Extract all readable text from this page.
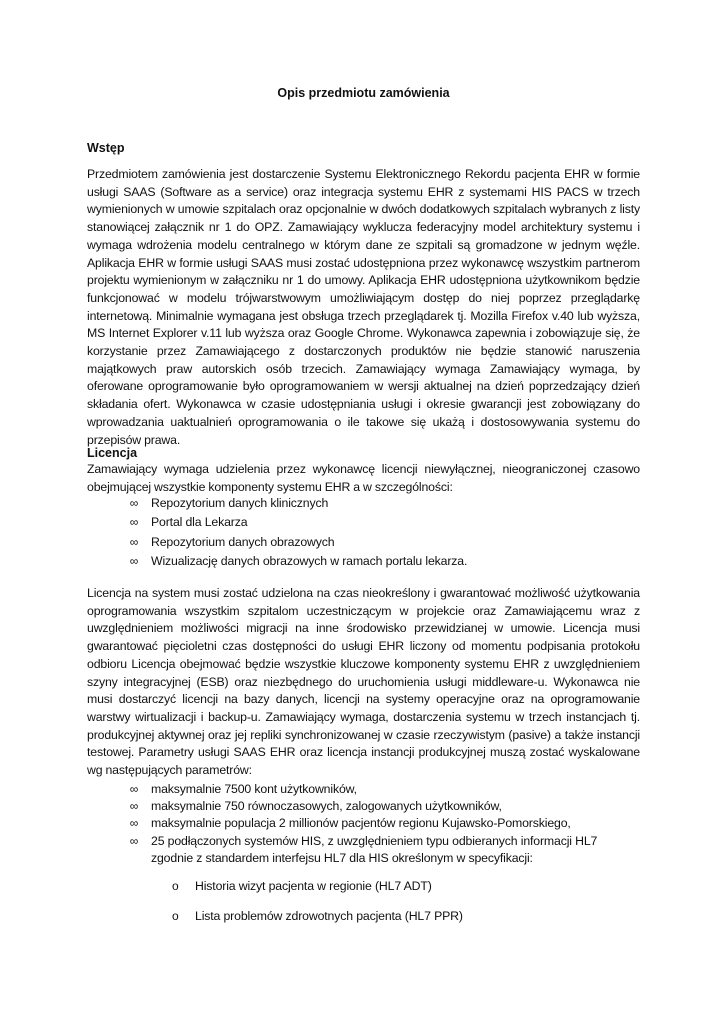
Opis przedmiotu zamówienia
Wstęp
Przedmiotem zamówienia jest dostarczenie Systemu Elektronicznego Rekordu pacjenta EHR w formie usługi SAAS (Software as a service) oraz integracja systemu EHR z systemami HIS PACS w trzech wymienionych w umowie szpitalach oraz opcjonalnie w dwóch dodatkowych szpitalach wybranych z listy stanowiącej załącznik nr 1 do OPZ. Zamawiający wyklucza federacyjny model architektury systemu i wymaga wdrożenia modelu centralnego w którym dane ze szpitali są gromadzone w jednym węźle. Aplikacja EHR w formie usługi SAAS musi zostać udostępniona przez wykonawcę wszystkim partnerom projektu wymienionym w załączniku nr 1 do umowy. Aplikacja EHR udostępniona użytkownikom będzie funkcjonować w modelu trójwarstwowym umożliwiającym dostęp do niej poprzez przeglądarkę internetową. Minimalnie wymagana jest obsługa trzech przeglądarek tj. Mozilla Firefox v.40 lub wyższa, MS Internet Explorer v.11 lub wyższa oraz Google Chrome. Wykonawca zapewnia i zobowiązuje się, że korzystanie przez Zamawiającego z dostarczonych produktów nie będzie stanowić naruszenia majątkowych praw autorskich osób trzecich. Zamawiający wymaga Zamawiający wymaga, by oferowane oprogramowanie było oprogramowaniem w wersji aktualnej na dzień poprzedzający dzień składania ofert. Wykonawca w czasie udostępniania usługi i okresie gwarancji jest zobowiązany do wprowadzania uaktualnień oprogramowania o ile takowe się ukażą i dostosowywania systemu do przepisów prawa.
Licencja
Zamawiający wymaga udzielenia przez wykonawcę licencji niewyłącznej, nieograniczonej czasowo obejmującej wszystkie komponenty systemu EHR a w szczególności:
∞ Repozytorium danych klinicznych
∞ Portal dla Lekarza
∞ Repozytorium danych obrazowych
∞ Wizualizację danych obrazowych w ramach portalu lekarza.
Licencja na system musi zostać udzielona na czas nieokreślony i gwarantować możliwość użytkowania oprogramowania wszystkim szpitalom uczestniczącym w projekcie oraz Zamawiającemu wraz z uwzględnieniem możliwości migracji na inne środowisko przewidzianej w umowie. Licencja musi gwarantować pięcioletni czas dostępności do usługi EHR liczony od momentu podpisania protokołu odbioru Licencja obejmować będzie wszystkie kluczowe komponenty systemu EHR z uwzględnieniem szyny integracyjnej (ESB) oraz niezbędnego do uruchomienia usługi middleware-u. Wykonawca nie musi dostarczyć licencji na bazy danych, licencji na systemy operacyjne oraz na oprogramowanie warstwy wirtualizacji i backup-u. Zamawiający wymaga, dostarczenia systemu w trzech instancjach tj. produkcyjnej aktywnej oraz jej repliki synchronizowanej w czasie rzeczywistym (pasive) a także instancji testowej. Parametry usługi SAAS EHR oraz licencja instancji produkcyjnej muszą zostać wyskalowane wg następujących parametrów:
∞ maksymalnie 7500 kont użytkowników,
∞ maksymalnie 750 równoczasowych, zalogowanych użytkowników,
∞ maksymalnie populacja 2 millionów pacjentów regionu Kujawsko-Pomorskiego,
∞ 25 podłączonych systemów HIS, z uwzględnieniem typu odbieranych informacji HL7 zgodnie z standardem interfejsu HL7 dla HIS określonym w specyfikacji:
o Historia wizyt pacjenta w regionie (HL7 ADT)
o Lista problemów zdrowotnych pacjenta (HL7 PPR)
